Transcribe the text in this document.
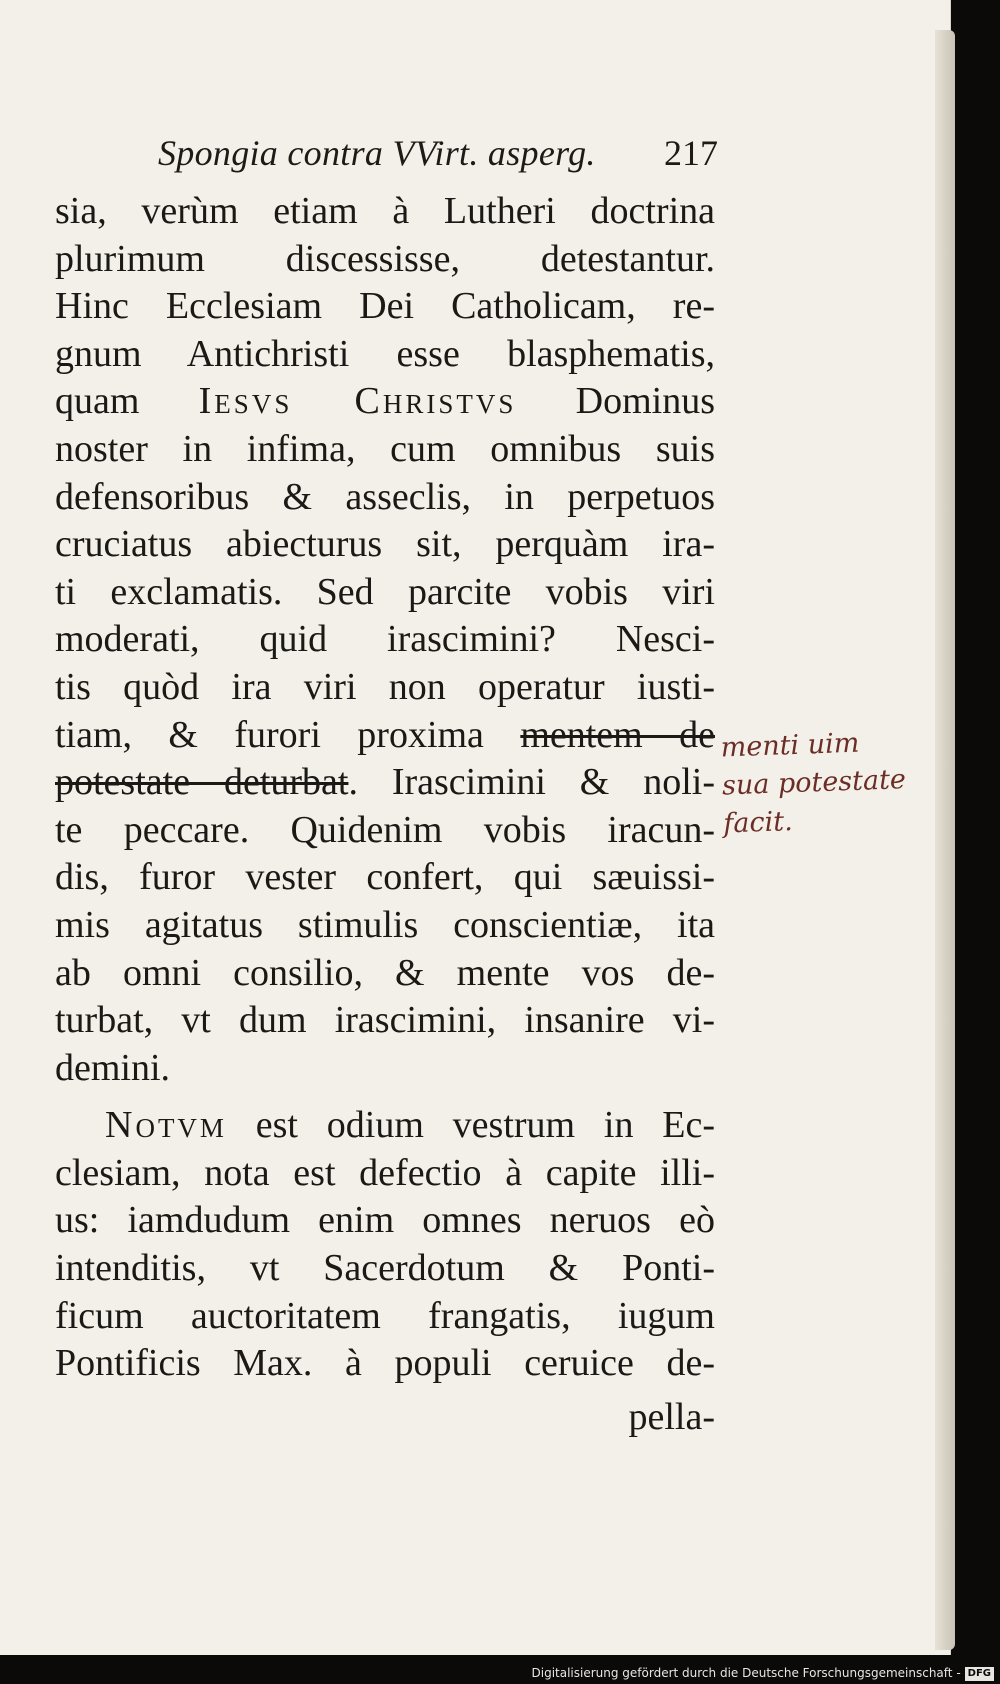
Spongia contra VVirt. asperg. 217
sia, verùm etiam à Lutheri doctrina
plurimum discessisse, detestantur.
Hinc Ecclesiam Dei Catholicam, re-
gnum Antichristi esse blasphematis,
quam Iesvs Christvs Dominus
noster in infima, cum omnibus suis
defensoribus & asseclis, in perpetuos
cruciatus abiecturus sit, perquàm ira-
ti exclamatis. Sed parcite vobis viri
moderati, quid irascimini? Nesci-
tis quòd ira viri non operatur iusti-
tiam, & furori proxima mentem de
potestate deturbat. Irascimini & noli-
te peccare. Quidenim vobis iracun-
dis, furor vester confert, qui sæuissi-
mis agitatus stimulis conscientiæ, ita
ab omni consilio, & mente vos de-
turbat, vt dum irascimini, insanire vi-
demini.
Notvm est odium vestrum in Ec-
clesiam, nota est defectio à capite illi-
us: iamdudum enim omnes neruos eò
intenditis, vt Sacerdotum & Ponti-
ficum auctoritatem frangatis, iugum
Pontificis Max. à populi ceruice de-
pella-
menti uim
sua potestate
facit.
Digitalisierung gefördert durch die Deutsche Forschungsgemeinschaft - DFG
